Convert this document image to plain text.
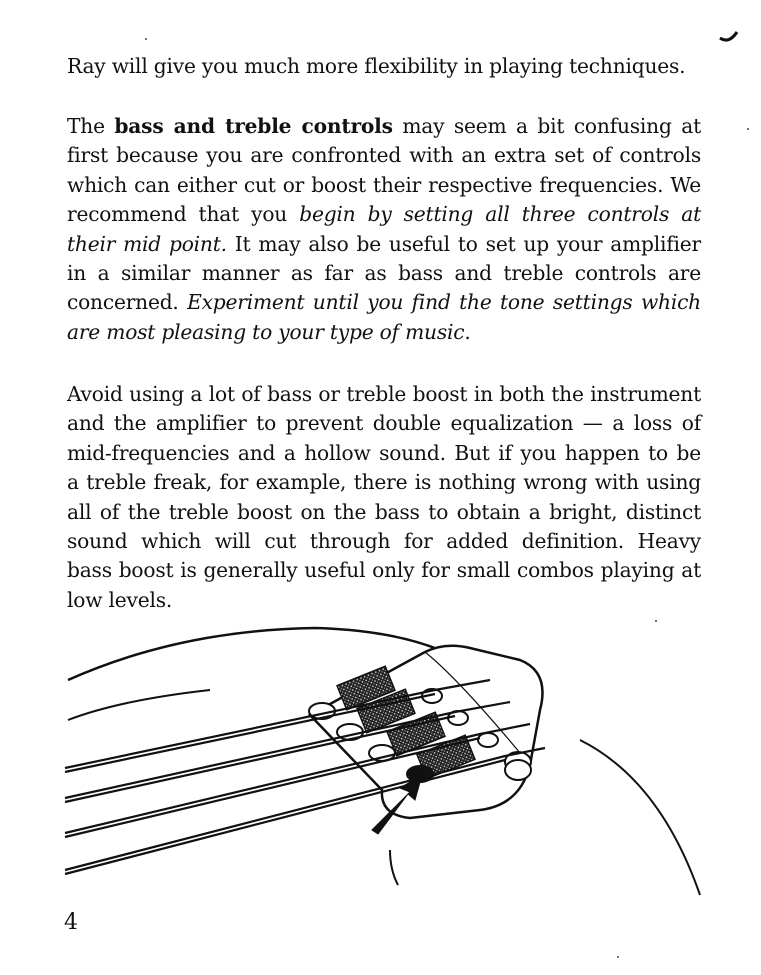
Ray will give you much more flexibility in playing techniques.
The bass and treble controls may seem a bit confusing at
first because you are confronted with an extra set of controls
which can either cut or boost their respective frequencies. We
recommend that you begin by setting all three controls at
their mid point. It may also be useful to set up your amplifier
in a similar manner as far as bass and treble controls are
concerned. Experiment until you find the tone settings which
are most pleasing to your type of music.
Avoid using a lot of bass or treble boost in both the instrument
and the amplifier to prevent double equalization — a loss of
mid-frequencies and a hollow sound. But if you happen to be
a treble freak, for example, there is nothing wrong with using
all of the treble boost on the bass to obtain a bright, distinct
sound which will cut through for added definition. Heavy
bass boost is generally useful only for small combos playing at
low levels.
4
